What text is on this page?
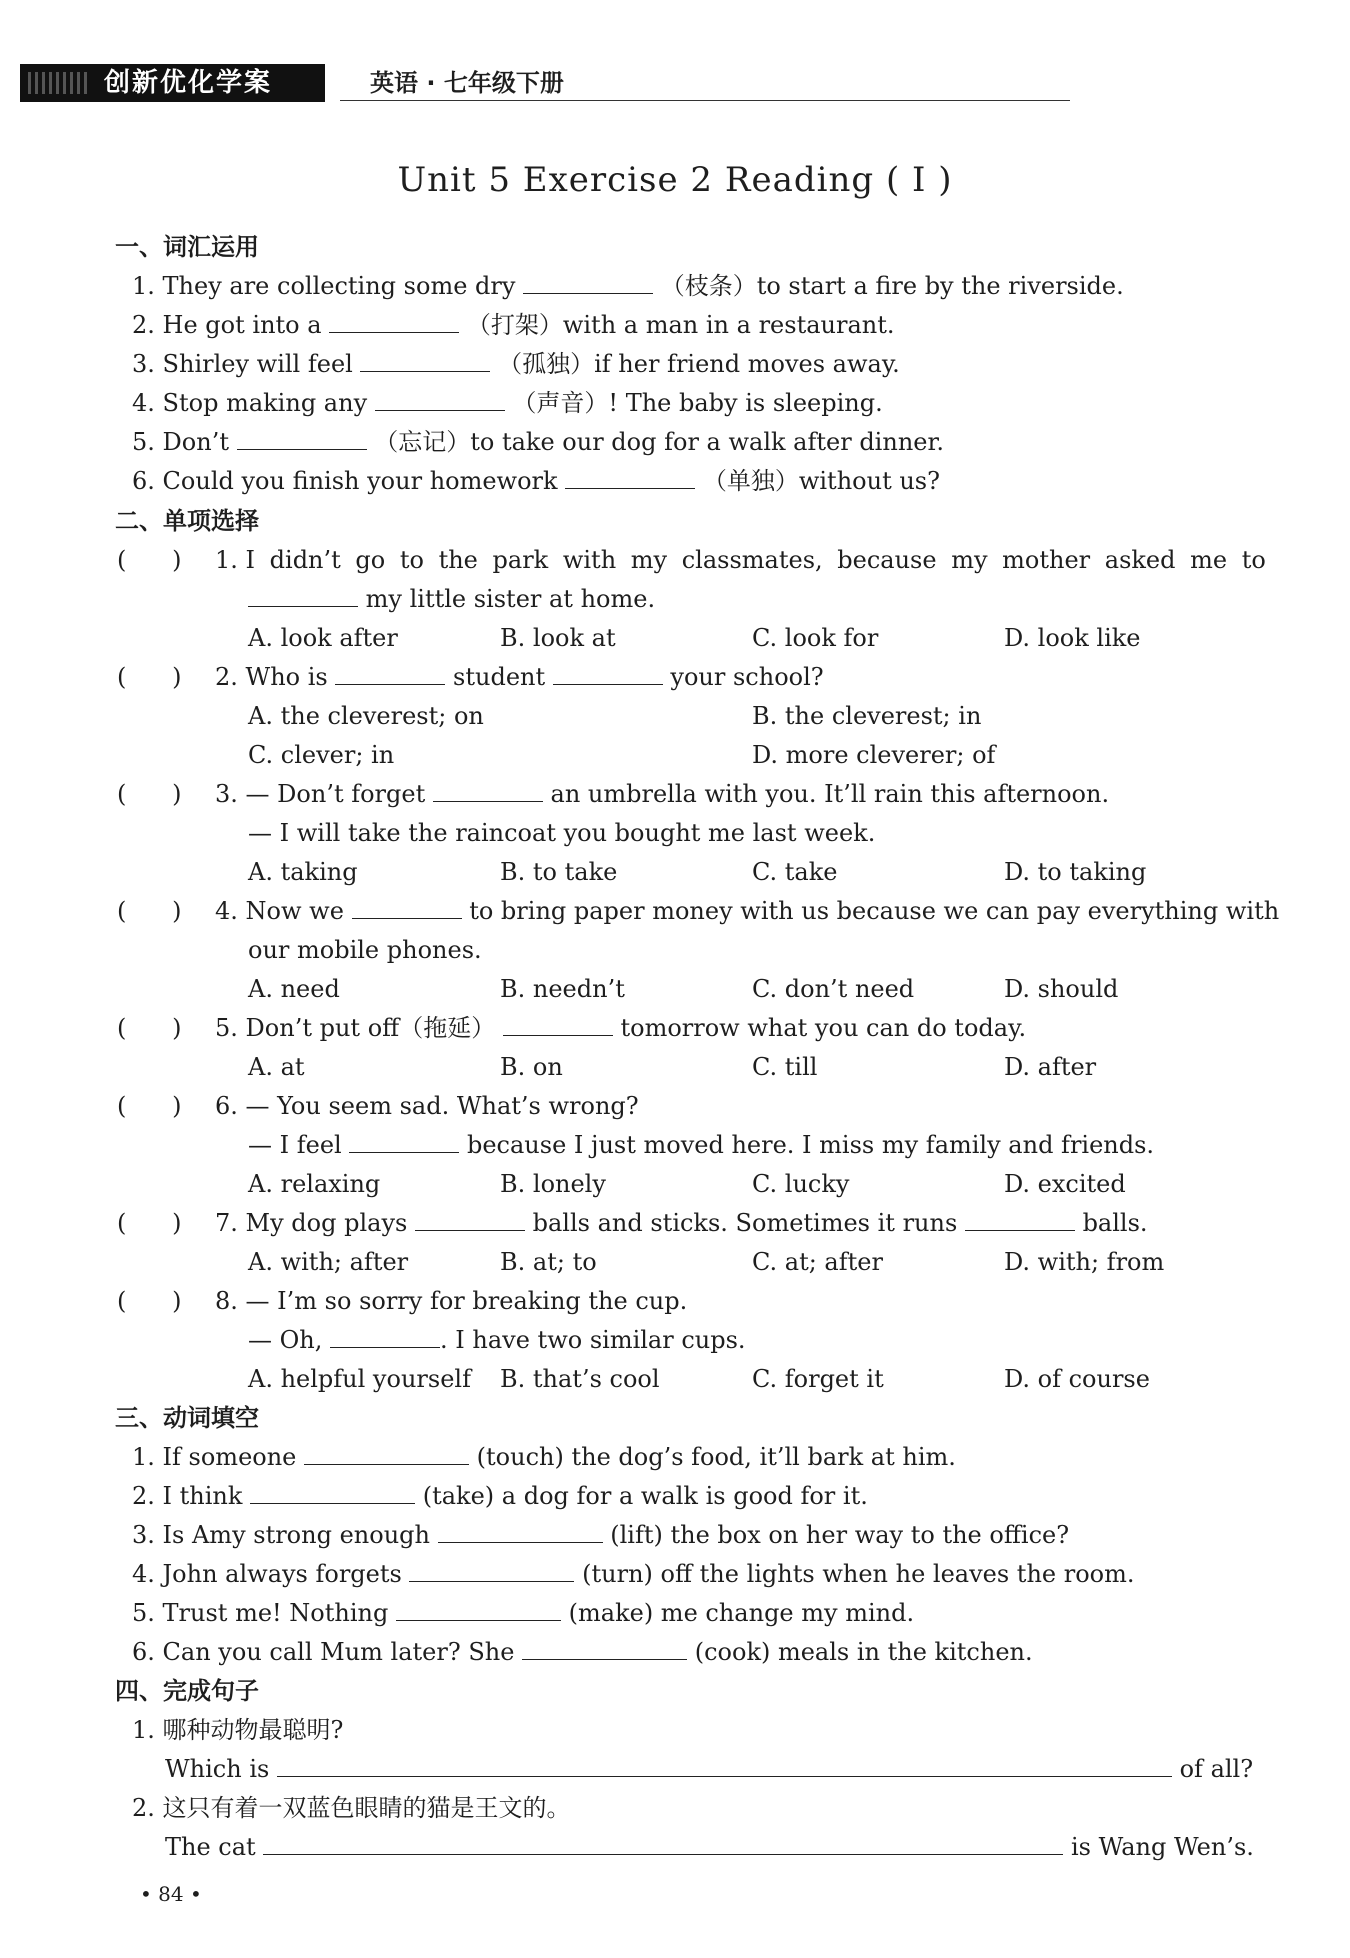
创新优化学案	英语 · 七年级下册
Unit 5 Exercise 2 Reading ( Ⅰ )
一、词汇运用
1. They are collecting some dry	（枝条）to start a fire by the riverside.
2. He got into a	（打架）with a man in a restaurant.
3. Shirley will feel	（孤独）if her friend moves away.
4. Stop making any	（声音）! The baby is sleeping.
5. Don’t	（忘记）to take our dog for a walk after dinner.
6. Could you finish your homework	（单独）without us?
二、单项选择
(      ) 1. I didn’t go to the park with my classmates, because my mother asked me to
my little sister at home.
A. look after	B. look at	C. look for	D. look like
(      ) 2. Who is	student	your school?
A. the cleverest; on	B. the cleverest; in
C. clever; in	D. more cleverer; of
(      ) 3. — Don’t forget	an umbrella with you. It’ll rain this afternoon.
— I will take the raincoat you bought me last week.
A. taking	B. to take	C. take	D. to taking
(      ) 4. Now we	to bring paper money with us because we can pay everything with
our mobile phones.
A. need	B. needn’t	C. don’t need	D. should
(      ) 5. Don’t put off（拖延）	tomorrow what you can do today.
A. at	B. on	C. till	D. after
(      ) 6. — You seem sad. What’s wrong?
— I feel	because I just moved here. I miss my family and friends.
A. relaxing	B. lonely	C. lucky	D. excited
(      ) 7. My dog plays	balls and sticks. Sometimes it runs	balls.
A. with; after	B. at; to	C. at; after	D. with; from
(      ) 8. — I’m so sorry for breaking the cup.
— Oh,	. I have two similar cups.
A. helpful yourself B. that’s cool	C. forget it	D. of course
三、动词填空
1. If someone	(touch) the dog’s food, it’ll bark at him.
2. I think	(take) a dog for a walk is good for it.
3. Is Amy strong enough	(lift) the box on her way to the office?
4. John always forgets	(turn) off the lights when he leaves the room.
5. Trust me! Nothing	(make) me change my mind.
6. Can you call Mum later? She	(cook) meals in the kitchen.
四、完成句子
1. 哪种动物最聪明?
Which is	of all?
2. 这只有着一双蓝色眼睛的猫是王文的。
The cat	is Wang Wen’s.
• 84 •
